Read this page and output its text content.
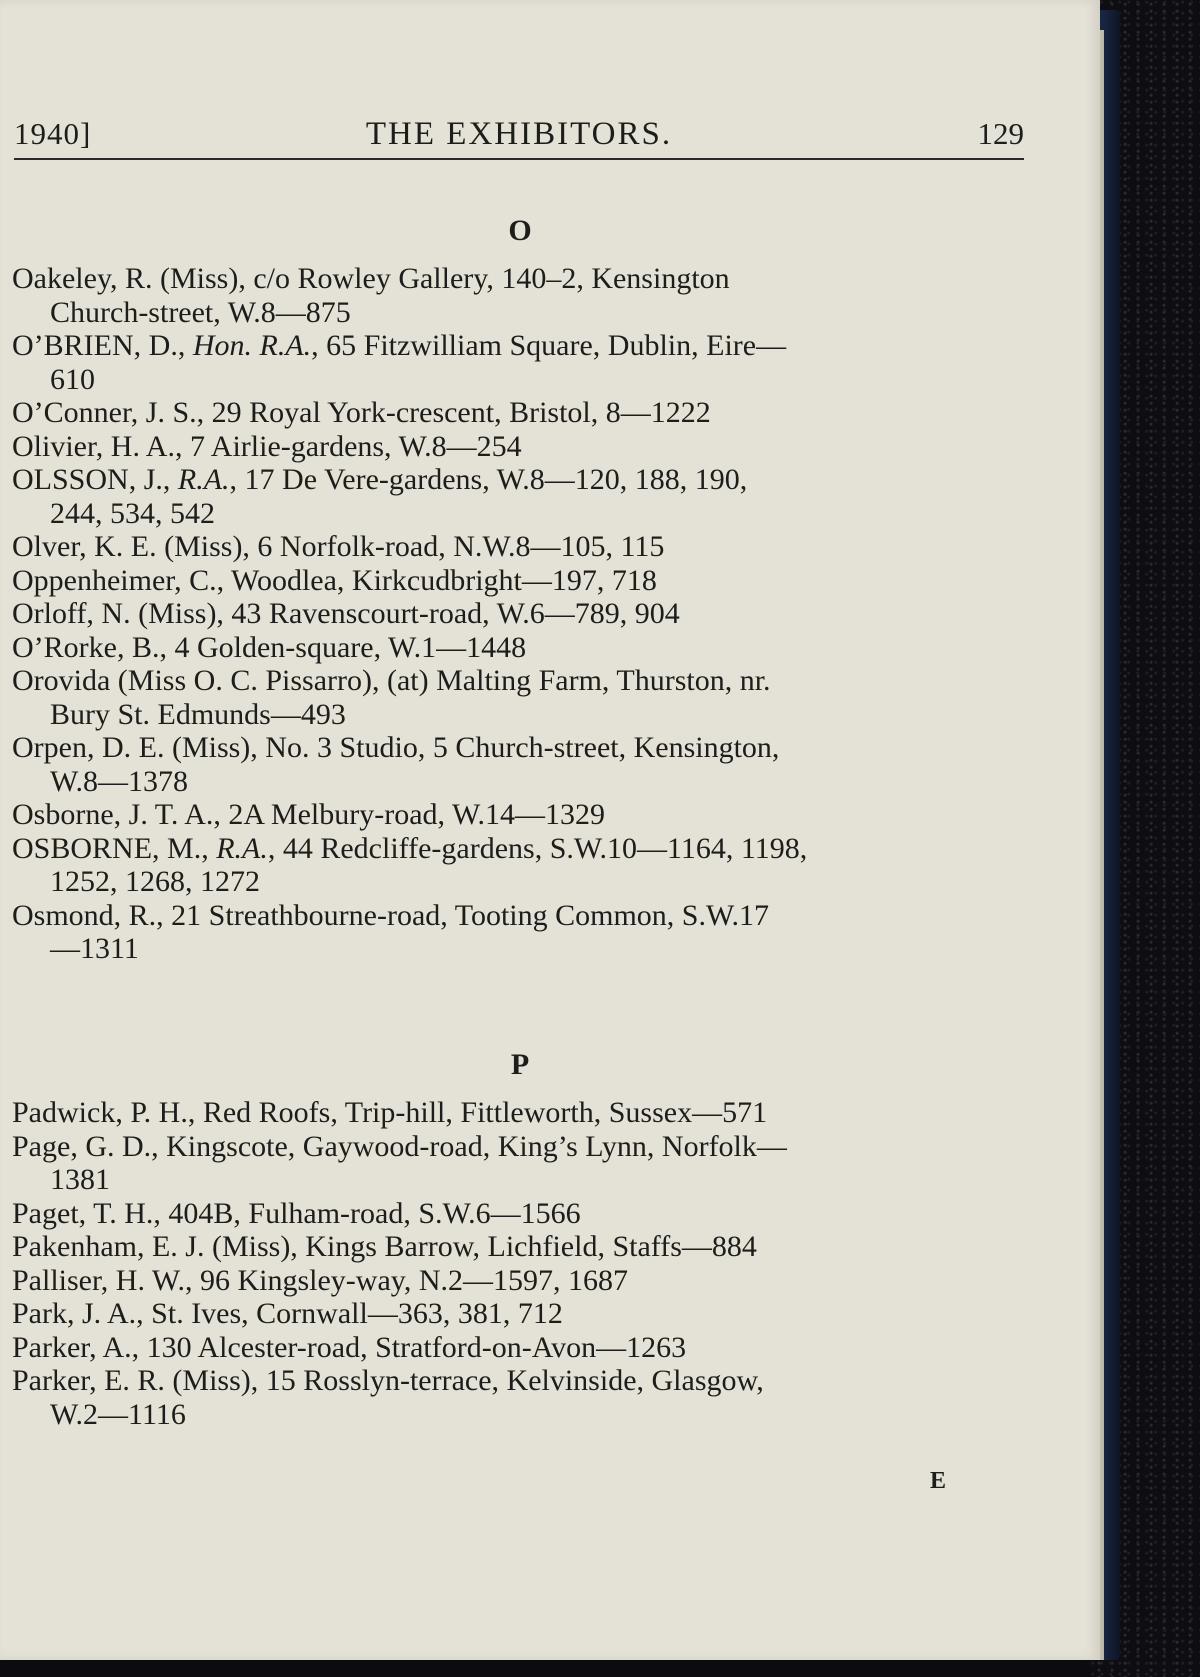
1940]	THE EXHIBITORS.	129
O

Oakeley, R. (Miss), c/o Rowley Gallery, 140–2, Kensington
Church-street, W.8—875

O’BRIEN, D., Hon. R.A., 65 Fitzwilliam Square, Dublin, Eire—
610

O’Conner, J. S., 29 Royal York-crescent, Bristol, 8—1222

Olivier, H. A., 7 Airlie-gardens, W.8—254

OLSSON, J., R.A., 17 De Vere-gardens, W.8—120, 188, 190,
244, 534, 542

Olver, K. E. (Miss), 6 Norfolk-road, N.W.8—105, 115

Oppenheimer, C., Woodlea, Kirkcudbright—197, 718

Orloff, N. (Miss), 43 Ravenscourt-road, W.6—789, 904

O’Rorke, B., 4 Golden-square, W.1—1448

Orovida (Miss O. C. Pissarro), (at) Malting Farm, Thurston, nr.
Bury St. Edmunds—493

Orpen, D. E. (Miss), No. 3 Studio, 5 Church-street, Kensington,
W.8—1378

Osborne, J. T. A., 2A Melbury-road, W.14—1329

OSBORNE, M., R.A., 44 Redcliffe-gardens, S.W.10—1164, 1198,
1252, 1268, 1272

Osmond, R., 21 Streathbourne-road, Tooting Common, S.W.17
—1311

P

Padwick, P. H., Red Roofs, Trip-hill, Fittleworth, Sussex—571

Page, G. D., Kingscote, Gaywood-road, King’s Lynn, Norfolk—
1381

Paget, T. H., 404B, Fulham-road, S.W.6—1566

Pakenham, E. J. (Miss), Kings Barrow, Lichfield, Staffs—884

Palliser, H. W., 96 Kingsley-way, N.2—1597, 1687

Park, J. A., St. Ives, Cornwall—363, 381, 712

Parker, A., 130 Alcester-road, Stratford-on-Avon—1263

Parker, E. R. (Miss), 15 Rosslyn-terrace, Kelvinside, Glasgow,
W.2—1116

E
